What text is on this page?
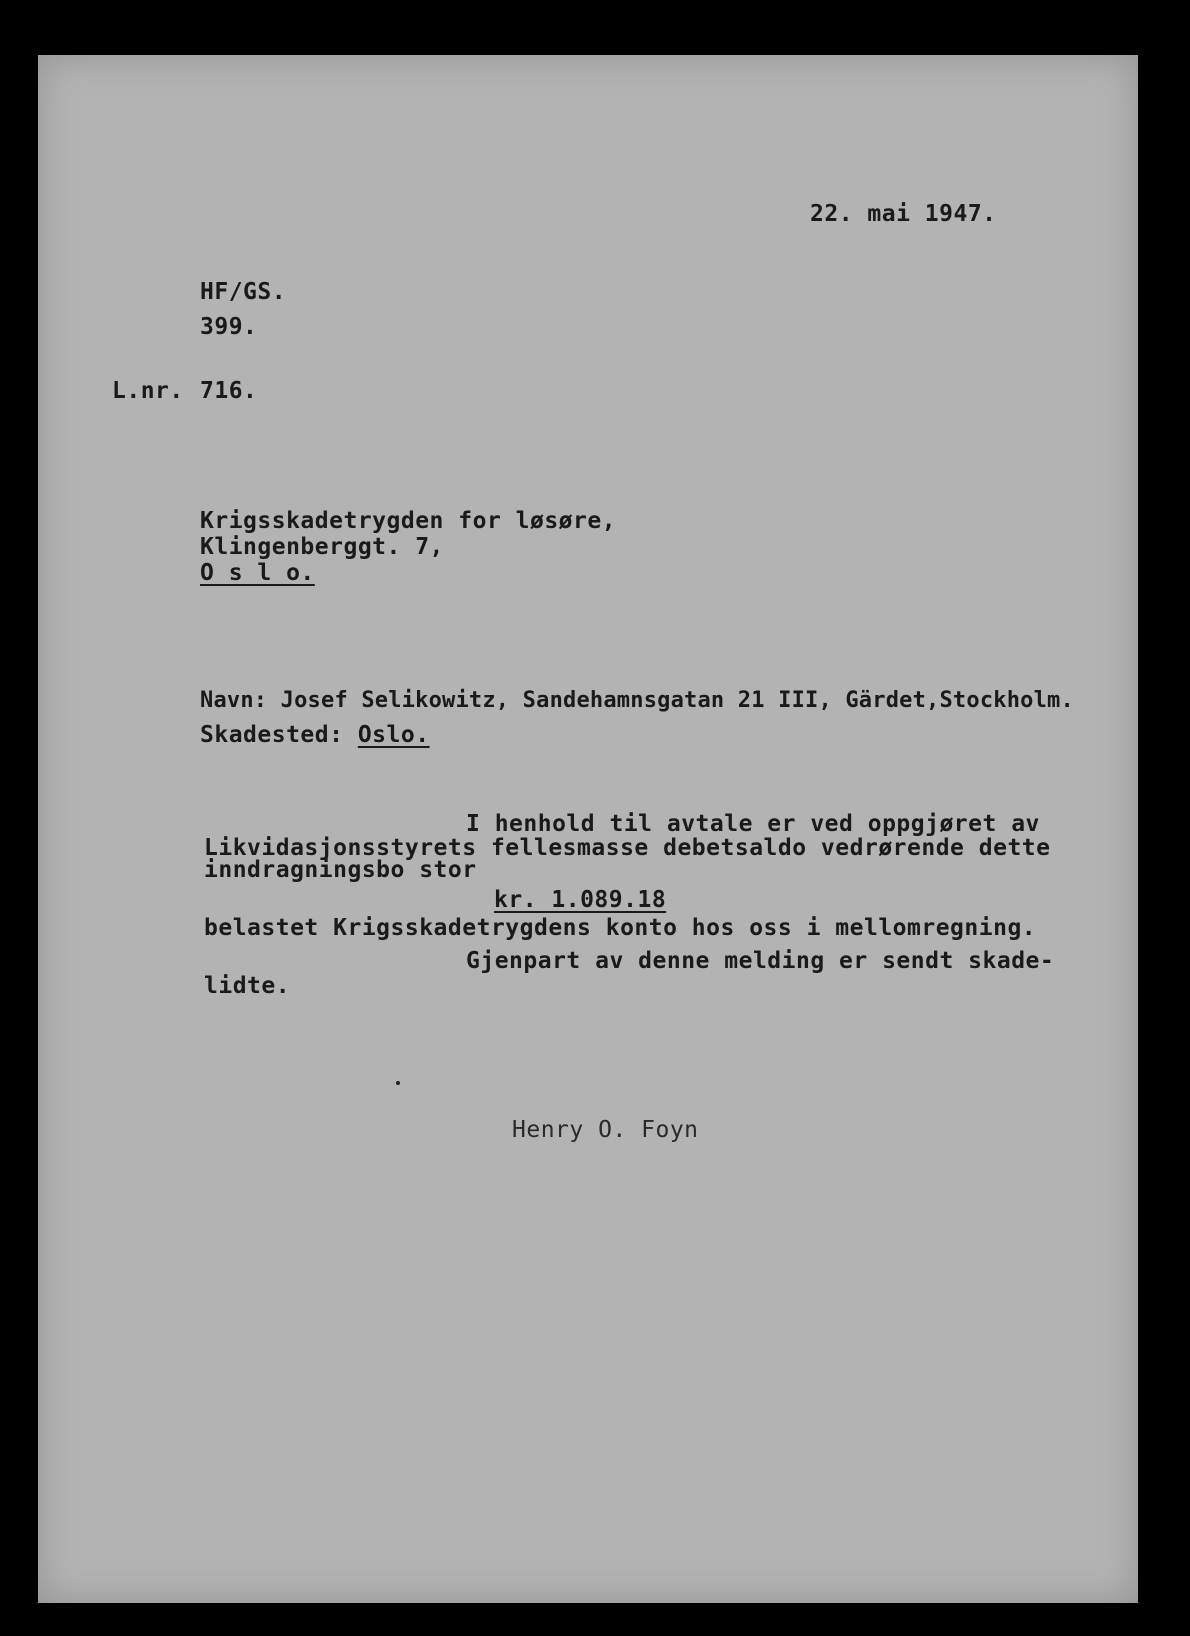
22. mai 1947.
HF/GS.
399.
L.nr. 716.
Krigsskadetrygden for løsøre,
Klingenberggt. 7,
O s l o.
Navn: Josef Selikowitz, Sandehamnsgatan 21 III, Gärdet,Stockholm.
Skadested: Oslo.
I henhold til avtale er ved oppgjøret av
Likvidasjonsstyrets fellesmasse debetsaldo vedrørende dette
inndragningsbo stor
kr. 1.089.18
belastet Krigsskadetrygdens konto hos oss i mellomregning.
Gjenpart av denne melding er sendt skade-
lidte.
Henry O. Foyn
